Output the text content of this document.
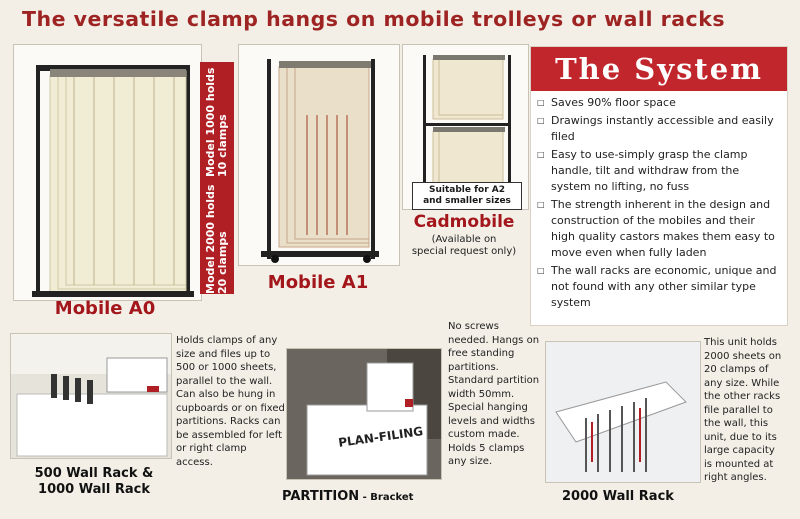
The versatile clamp hangs on mobile trolleys or wall racks
Model 2000 holds 20 clamps
Model 1000 holds 10 clamps
Mobile A0
Mobile A1
Suitable for A2
and smaller sizes
Cadmobile
(Available on
special request only)
The System
□ Saves 90% floor space
□ Drawings instantly accessible and easily filed
□ Easy to use-simply grasp the clamp handle, tilt and withdraw from the system no lifting, no fuss
□ The strength inherent in the design and construction of the mobiles and their high quality castors makes them easy to move even when fully laden
□ The wall racks are economic, unique and not found with any other similar type system
Holds clamps of any size and files up to 500 or 1000 sheets, parallel to the wall. Can also be hung in cupboards or on fixed partitions. Racks can be assembled for left or right clamp access.
500 Wall Rack &
1000 Wall Rack
PLAN-FILING
No screws needed. Hangs on free standing partitions. Standard partition width 50mm. Special hanging levels and widths custom made. Holds 5 clamps any size.
PARTITION - Bracket
This unit holds 2000 sheets on 20 clamps of any size. While the other racks file parallel to the wall, this unit, due to its large capacity is mounted at right angles.
2000 Wall Rack
